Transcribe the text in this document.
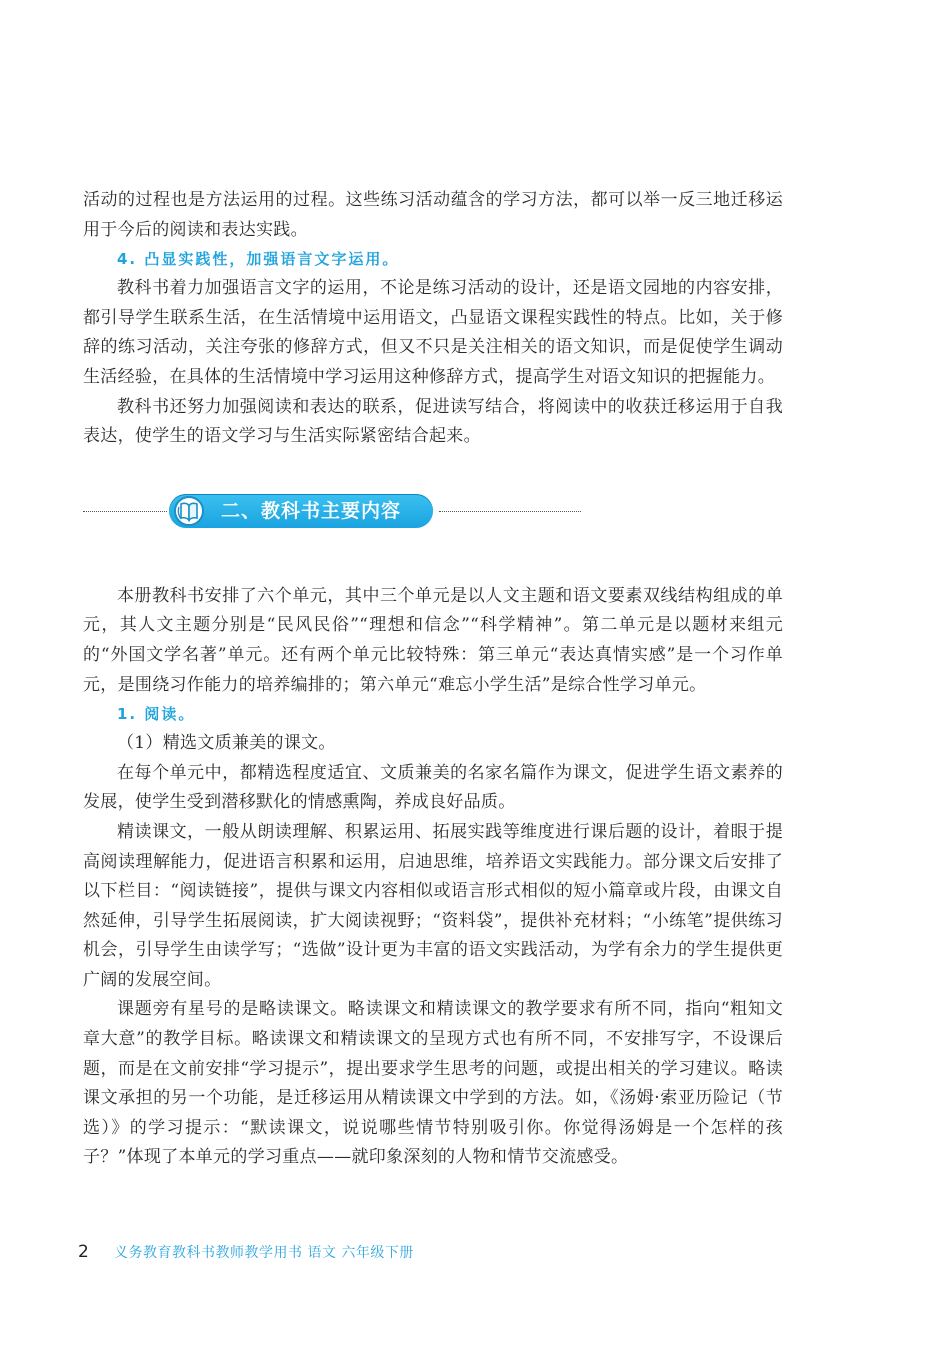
活动的过程也是方法运用的过程。这些练习活动蕴含的学习方法，都可以举一反三地迁移运用于今后的阅读和表达实践。

4. 凸显实践性，加强语言文字运用。

教科书着力加强语言文字的运用，不论是练习活动的设计，还是语文园地的内容安排，都引导学生联系生活，在生活情境中运用语文，凸显语文课程实践性的特点。比如，关于修辞的练习活动，关注夸张的修辞方式，但又不只是关注相关的语文知识，而是促使学生调动生活经验，在具体的生活情境中学习运用这种修辞方式，提高学生对语文知识的把握能力。

教科书还努力加强阅读和表达的联系，促进读写结合，将阅读中的收获迁移运用于自我表达，使学生的语文学习与生活实际紧密结合起来。

二、教科书主要内容

本册教科书安排了六个单元，其中三个单元是以人文主题和语文要素双线结构组成的单元，其人文主题分别是“民风民俗”“理想和信念”“科学精神”。第二单元是以题材来组元的“外国文学名著”单元。还有两个单元比较特殊：第三单元“表达真情实感”是一个习作单元，是围绕习作能力的培养编排的；第六单元“难忘小学生活”是综合性学习单元。

1. 阅读。

（1）精选文质兼美的课文。

在每个单元中，都精选程度适宜、文质兼美的名家名篇作为课文，促进学生语文素养的发展，使学生受到潜移默化的情感熏陶，养成良好品质。

精读课文，一般从朗读理解、积累运用、拓展实践等维度进行课后题的设计，着眼于提高阅读理解能力，促进语言积累和运用，启迪思维，培养语文实践能力。部分课文后安排了以下栏目：“阅读链接”，提供与课文内容相似或语言形式相似的短小篇章或片段，由课文自然延伸，引导学生拓展阅读，扩大阅读视野；“资料袋”，提供补充材料；“小练笔”提供练习机会，引导学生由读学写；“选做”设计更为丰富的语文实践活动，为学有余力的学生提供更广阔的发展空间。

课题旁有星号的是略读课文。略读课文和精读课文的教学要求有所不同，指向“粗知文章大意”的教学目标。略读课文和精读课文的呈现方式也有所不同，不安排写字，不设课后题，而是在文前安排“学习提示”，提出要求学生思考的问题，或提出相关的学习建议。略读课文承担的另一个功能，是迁移运用从精读课文中学到的方法。如，《汤姆·索亚历险记（节选）》的学习提示：“默读课文，说说哪些情节特别吸引你。你觉得汤姆是一个怎样的孩子？”体现了本单元的学习重点——就印象深刻的人物和情节交流感受。

2 义务教育教科书教师教学用书 语文 六年级下册
